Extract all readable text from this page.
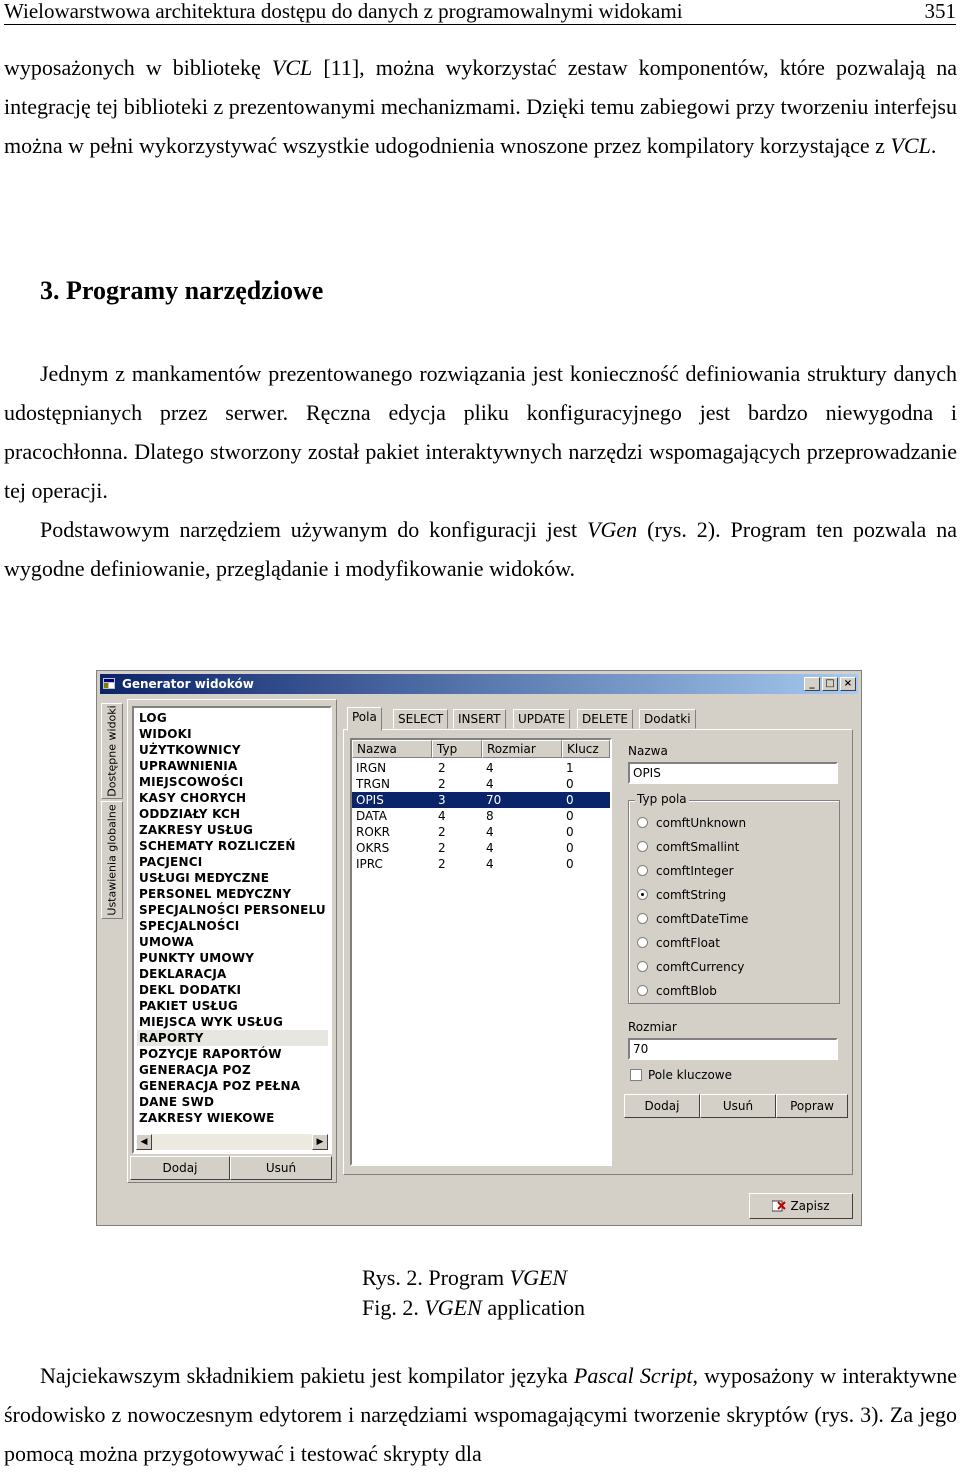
Wielowarstwowa architektura dostępu do danych z programowalnymi widokami	351
wyposażonych w bibliotekę VCL [11], można wykorzystać zestaw komponentów, które pozwalają na integrację tej biblioteki z prezentowanymi mechanizmami. Dzięki temu zabiegowi przy tworzeniu interfejsu można w pełni wykorzystywać wszystkie udogodnienia wnoszone przez kompilatory korzystające z VCL.
3. Programy narzędziowe
Jednym z mankamentów prezentowanego rozwiązania jest konieczność definiowania struktury danych udostępnianych przez serwer. Ręczna edycja pliku konfiguracyjnego jest bardzo niewygodna i pracochłonna. Dlatego stworzony został pakiet interaktywnych narzędzi wspomagających przeprowadzanie tej operacji.
Podstawowym narzędziem używanym do konfiguracji jest VGen (rys. 2). Program ten pozwala na wygodne definiowanie, przeglądanie i modyfikowanie widoków.
Generator widoków	_	□ ×
Dostępne widoki
Ustawienia globalne
LOG
WIDOKI
UŻYTKOWNICY
UPRAWNIENIA
MIEJSCOWOŚCI
KASY CHORYCH
ODDZIAŁY KCH
ZAKRESY USŁUG
SCHEMATY ROZLICZEŃ
PACJENCI
USŁUGI MEDYCZNE
PERSONEL MEDYCZNY
SPECJALNOŚCI PERSONELU
SPECJALNOŚCI
UMOWA
PUNKTY UMOWY
DEKLARACJA
DEKL DODATKI
PAKIET USŁUG
MIEJSCA WYK USŁUG
RAPORTY
POZYCJE RAPORTÓW
GENERACJA POZ
GENERACJA POZ PEŁNA
DANE SWD
ZAKRESY WIEKOWE
◀	▶
Dodaj	Usuń
Pola	SELECT	INSERT	UPDATE	DELETE	Dodatki
Nazwa	Typ	Rozmiar	Klucz
IRGN	2	4	1
TRGN	2	4	0
OPIS	3	70	0
DATA	4	8	0
ROKR	2	4	0
OKRS	2	4	0
IPRC	2	4	0
Nazwa
OPIS
Typ pola
comftUnknown
comftSmallint
comftInteger
comftString
comftDateTime
comftFloat
comftCurrency
comftBlob
Rozmiar
70
Pole kluczowe
Dodaj	Usuń	Popraw
Zapisz
Rys. 2. Program VGEN
Fig. 2. VGEN application
Najciekawszym składnikiem pakietu jest kompilator języka Pascal Script, wyposażony w interaktywne środowisko z nowoczesnym edytorem i narzędziami wspomagającymi tworzenie skryptów (rys. 3). Za jego pomocą można przygotowywać i testować skrypty dla
